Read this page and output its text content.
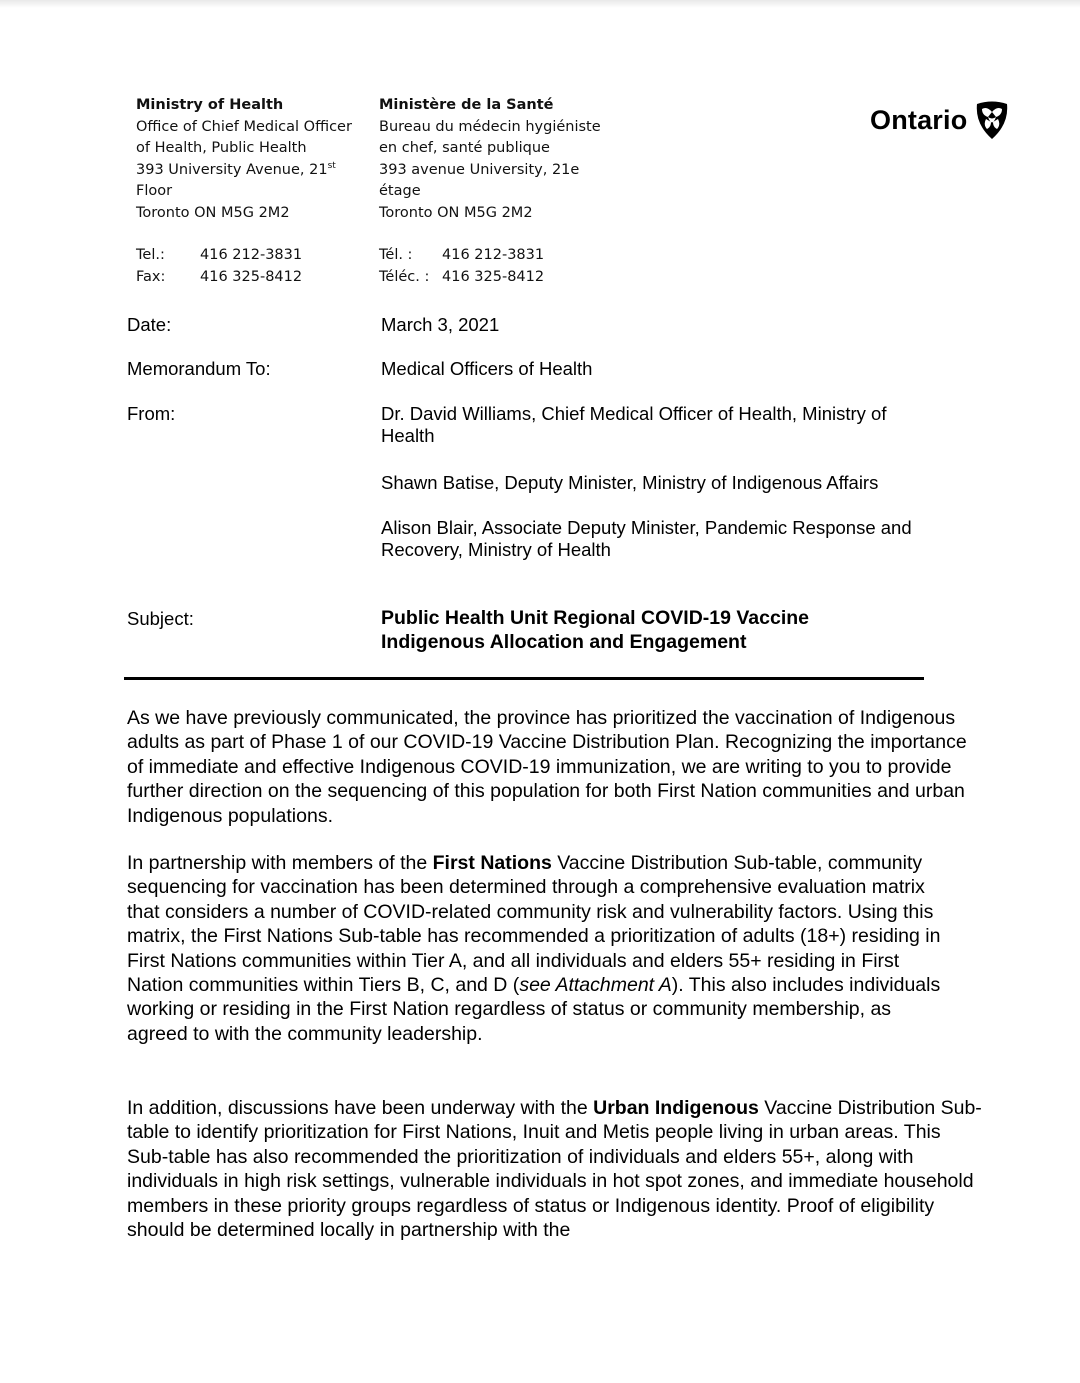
Ministry of Health
Office of Chief Medical Officer
of Health, Public Health
393 University Avenue, 21st
Floor
Toronto ON M5G 2M2
Tel.:	416 212-3831
Fax:	416 325-8412
Ministère de la Santé
Bureau du médecin hygiéniste
en chef, santé publique
393 avenue University, 21e
étage
Toronto ON M5G 2M2
Tél. :	416 212-3831
Téléc. : 416 325-8412
Ontario
Date:	March 3, 2021
Memorandum To:	Medical Officers of Health
From:	Dr. David Williams, Chief Medical Officer of Health, Ministry of Health
Shawn Batise, Deputy Minister, Ministry of Indigenous Affairs
Alison Blair, Associate Deputy Minister, Pandemic Response and Recovery, Ministry of Health
Subject:	Public Health Unit Regional COVID-19 Vaccine Indigenous Allocation and Engagement
As we have previously communicated, the province has prioritized the vaccination of Indigenous adults as part of Phase 1 of our COVID-19 Vaccine Distribution Plan. Recognizing the importance of immediate and effective Indigenous COVID-19 immunization, we are writing to you to provide further direction on the sequencing of this population for both First Nation communities and urban Indigenous populations.
In partnership with members of the First Nations Vaccine Distribution Sub-table, community sequencing for vaccination has been determined through a comprehensive evaluation matrix that considers a number of COVID-related community risk and vulnerability factors. Using this matrix, the First Nations Sub-table has recommended a prioritization of adults (18+) residing in First Nations communities within Tier A, and all individuals and elders 55+ residing in First Nation communities within Tiers B, C, and D (see Attachment A). This also includes individuals working or residing in the First Nation regardless of status or community membership, as agreed to with the community leadership.
In addition, discussions have been underway with the Urban Indigenous Vaccine Distribution Sub-table to identify prioritization for First Nations, Inuit and Metis people living in urban areas. This Sub-table has also recommended the prioritization of individuals and elders 55+, along with individuals in high risk settings, vulnerable individuals in hot spot zones, and immediate household members in these priority groups regardless of status or Indigenous identity. Proof of eligibility should be determined locally in partnership with the
